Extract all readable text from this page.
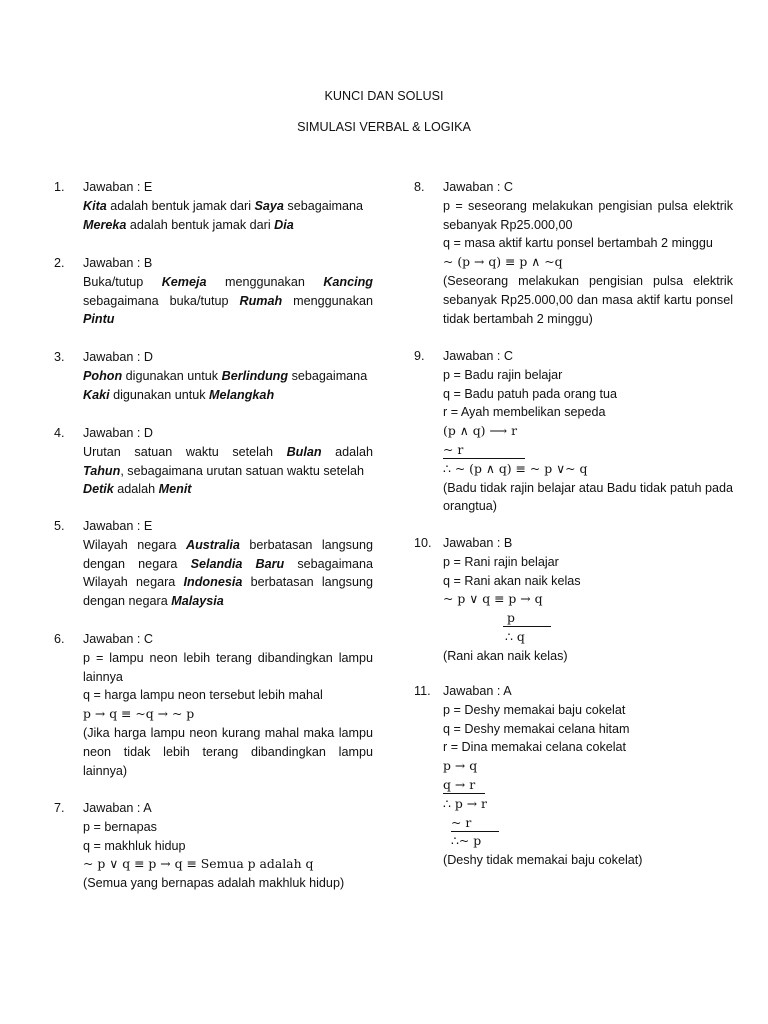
KUNCI DAN SOLUSI
SIMULASI VERBAL & LOGIKA
1. Jawaban : E
Kita adalah bentuk jamak dari Saya sebagaimana
Mereka adalah bentuk jamak dari Dia
2. Jawaban : B
Buka/tutup Kemeja menggunakan Kancing
sebagaimana buka/tutup Rumah menggunakan
Pintu
3. Jawaban : D
Pohon digunakan untuk Berlindung sebagaimana
Kaki digunakan untuk Melangkah
4. Jawaban : D
Urutan satuan waktu setelah Bulan adalah
Tahun, sebagaimana urutan satuan waktu setelah
Detik adalah Menit
5. Jawaban : E
Wilayah negara Australia berbatasan langsung
dengan negara Selandia Baru sebagaimana
Wilayah negara Indonesia berbatasan langsung
dengan negara Malaysia
6. Jawaban : C
p = lampu neon lebih terang dibandingkan lampu lainnya
q = harga lampu neon tersebut lebih mahal
p → q ≡ ~q → ~ p
(Jika harga lampu neon kurang mahal maka lampu neon tidak lebih terang dibandingkan lampu lainnya)
7. Jawaban : A
p = bernapas
q = makhluk hidup
~ p ∨ q ≡ p → q ≡ Semua p adalah q
(Semua yang bernapas adalah makhluk hidup)
8. Jawaban : C
p = seseorang melakukan pengisian pulsa elektrik sebanyak Rp25.000,00
q = masa aktif kartu ponsel bertambah 2 minggu
~ (p → q) ≡ p ∧ ~q
(Seseorang melakukan pengisian pulsa elektrik sebanyak Rp25.000,00 dan masa aktif kartu ponsel tidak bertambah 2 minggu)
9. Jawaban : C
p = Badu rajin belajar
q = Badu patuh pada orang tua
r = Ayah membelikan sepeda
(p ∧ q) ⟶ r
~ r
∴ ~ (p ∧ q) ≡ ~ p ∨~ q
(Badu tidak rajin belajar atau Badu tidak patuh pada orangtua)
10. Jawaban : B
p = Rani rajin belajar
q = Rani akan naik kelas
~ p ∨ q ≡ p → q
p
∴ q
(Rani akan naik kelas)
11. Jawaban : A
p = Deshy memakai baju cokelat
q = Deshy memakai celana hitam
r = Dina memakai celana cokelat
p → q
q → r
∴ p → r
~ r
∴~ p
(Deshy tidak memakai baju cokelat)
